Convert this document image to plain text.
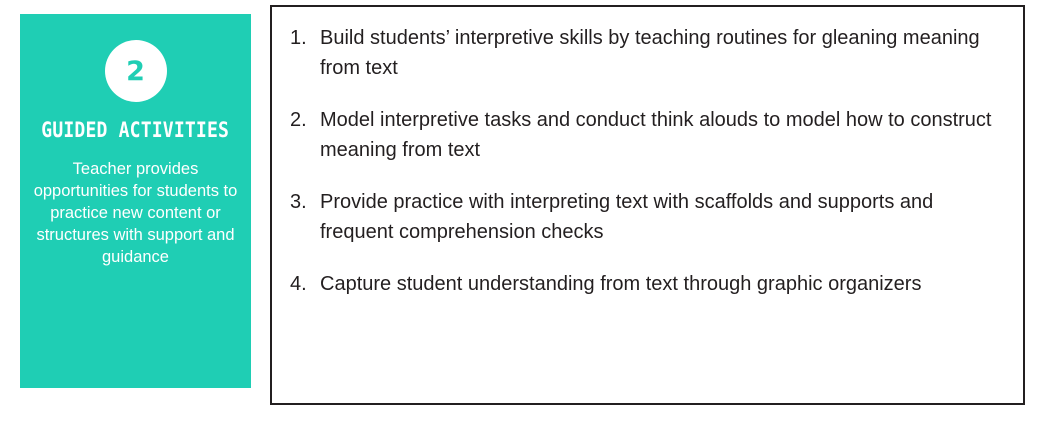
2
GUIDED ACTIVITIES
Teacher provides opportunities for students to practice new content or structures with support and guidance
1. Build students’ interpretive skills by teaching routines for gleaning meaning from text
2. Model interpretive tasks and conduct think alouds to model how to construct meaning from text
3. Provide practice with interpreting text with scaffolds and supports and frequent comprehension checks
4. Capture student understanding from text through graphic organizers
